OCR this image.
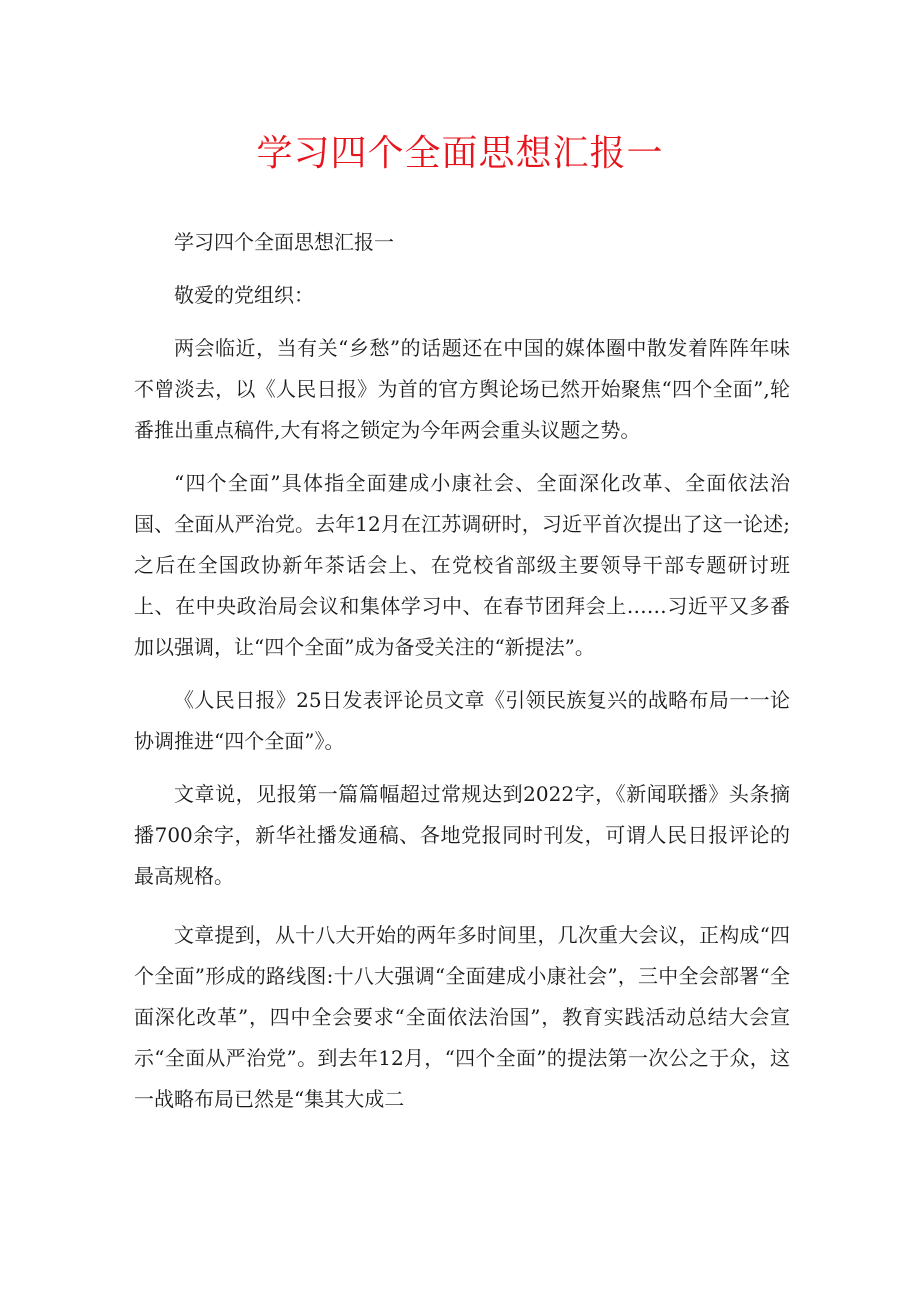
学习四个全面思想汇报一

学习四个全面思想汇报一

敬爱的党组织：

两会临近，当有关“乡愁”的话题还在中国的媒体圈中散发着阵阵年味不曾淡去，以《人民日报》为首的官方舆论场已然开始聚焦“四个全面”,轮番推出重点稿件,大有将之锁定为今年两会重头议题之势。

“四个全面”具体指全面建成小康社会、全面深化改革、全面依法治国、全面从严治党。去年12月在江苏调研时，习近平首次提出了这一论述;之后在全国政协新年茶话会上、在党校省部级主要领导干部专题研讨班上、在中央政治局会议和集体学习中、在春节团拜会上……习近平又多番加以强调，让“四个全面”成为备受关注的“新提法”。

《人民日报》25日发表评论员文章《引领民族复兴的战略布局一一论协调推进“四个全面”》。

文章说，见报第一篇篇幅超过常规达到2022字，《新闻联播》头条摘播700余字，新华社播发通稿、各地党报同时刊发，可谓人民日报评论的最高规格。

文章提到，从十八大开始的两年多时间里，几次重大会议，正构成“四个全面”形成的路线图:十八大强调“全面建成小康社会”，三中全会部署“全面深化改革”，四中全会要求“全面依法治国”，教育实践活动总结大会宣示“全面从严治党”。到去年12月，“四个全面”的提法第一次公之于众，这一战略布局已然是“集其大成二
